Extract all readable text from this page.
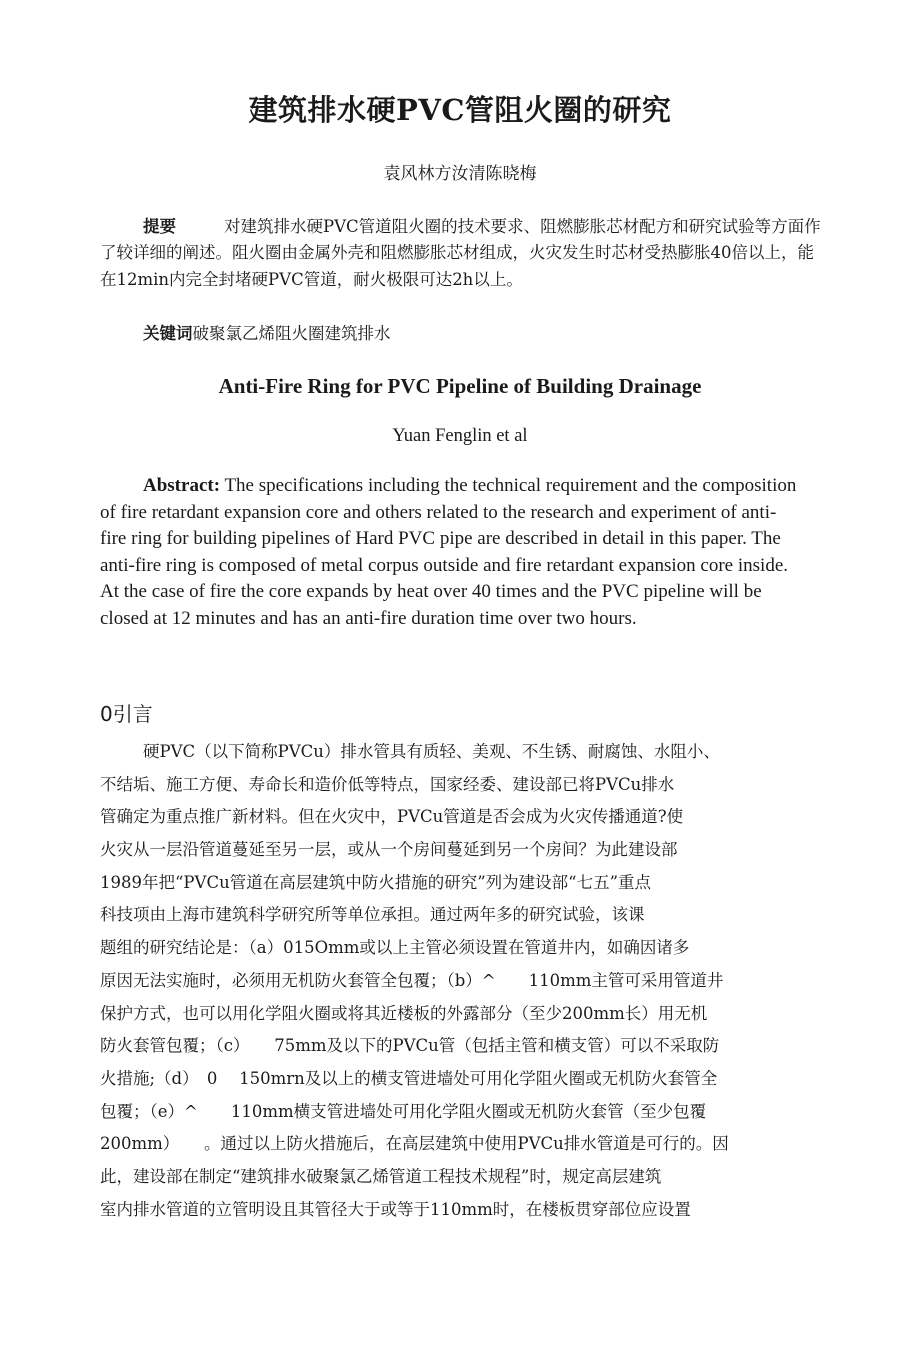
建筑排水硬PVC管阻火圈的研究
袁风林方汝清陈晓梅

提要	对建筑排水硬PVC管道阻火圈的技术要求、阻燃膨胀芯材配方和研究试验等方面作了较详细的阐述。阻火圈由金属外壳和阻燃膨胀芯材组成，火灾发生时芯材受热膨胀40倍以上，能在12min内完全封堵硬PVC管道，耐火极限可达2h以上。

关键词破聚氯乙烯阻火圈建筑排水

Anti-Fire Ring for PVC Pipeline of Building Drainage
Yuan Fenglin et al

Abstract: The specifications including the technical requirement and the composition of fire retardant expansion core and others related to the research and experiment of anti-fire ring for building pipelines of Hard PVC pipe are described in detail in this paper. The anti-fire ring is composed of metal corpus outside and fire retardant expansion core inside. At the case of fire the core expands by heat over 40 times and the PVC pipeline will be closed at 12 minutes and has an anti-fire duration time over two hours.

0引言
硬PVC（以下简称PVCu）排水管具有质轻、美观、不生锈、耐腐蚀、水阻小、
不结垢、施工方便、寿命长和造价低等特点，国家经委、建设部已将PVCu排水
管确定为重点推广新材料。但在火灾中，PVCu管道是否会成为火灾传播通道?使
火灾从一层沿管道蔓延至另一层，或从一个房间蔓延到另一个房间？为此建设部
1989年把“PVCu管道在高层建筑中防火措施的研究”列为建设部“七五”重点
科技项由上海市建筑科学研究所等单位承担。通过两年多的研究试验，该课
题组的研究结论是：（a）015Omm或以上主管必须设置在管道井内，如确因诸多
原因无法实施时，必须用无机防火套管全包覆；（b）^　　110mm主管可采用管道井
保护方式，也可以用化学阻火圈或将其近楼板的外露部分（至少200mm长）用无机
防火套管包覆；（c）　　75mm及以下的PVCu管（包括主管和横支管）可以不采取防
火措施;（d）　0　 150mrn及以上的横支管进墙处可用化学阻火圈或无机防火套管全
包覆；（e）^　　110mm横支管进墙处可用化学阻火圈或无机防火套管（至少包覆
200mm）　　。通过以上防火措施后，在高层建筑中使用PVCu排水管道是可行的。因
此，建设部在制定“建筑排水破聚氯乙烯管道工程技术规程”时，规定高层建筑
室内排水管道的立管明设且其管径大于或等于110mm时，在楼板贯穿部位应设置
